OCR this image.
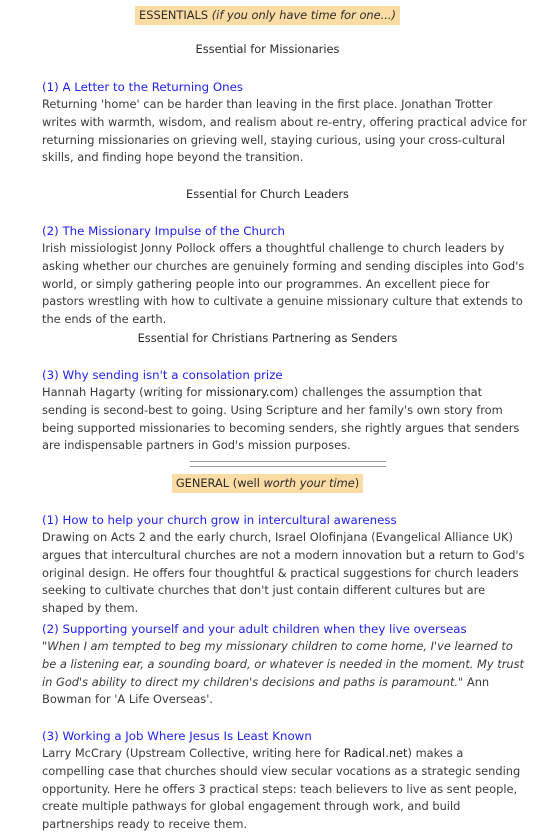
ESSENTIALS (if you only have time for one...)

Essential for Missionaries

(1) A Letter to the Returning Ones

Returning 'home' can be harder than leaving in the first place. Jonathan Trotter writes with warmth, wisdom, and realism about re-entry, offering practical advice for returning missionaries on grieving well, staying curious, using your cross-cultural skills, and finding hope beyond the transition.

Essential for Church Leaders

(2) The Missionary Impulse of the Church

Irish missiologist Jonny Pollock offers a thoughtful challenge to church leaders by asking whether our churches are genuinely forming and sending disciples into God's world, or simply gathering people into our programmes. An excellent piece for pastors wrestling with how to cultivate a genuine missionary culture that extends to the ends of the earth.

Essential for Christians Partnering as Senders

(3) Why sending isn't a consolation prize

Hannah Hagarty (writing for missionary.com) challenges the assumption that sending is second-best to going. Using Scripture and her family's own story from being supported missionaries to becoming senders, she rightly argues that senders are indispensable partners in God's mission purposes.

GENERAL (well worth your time)

(1) How to help your church grow in intercultural awareness

Drawing on Acts 2 and the early church, Israel Olofinjana (Evangelical Alliance UK) argues that intercultural churches are not a modern innovation but a return to God's original design. He offers four thoughtful & practical suggestions for church leaders seeking to cultivate churches that don't just contain different cultures but are shaped by them.

(2) Supporting yourself and your adult children when they live overseas

"When I am tempted to beg my missionary children to come home, I've learned to be a listening ear, a sounding board, or whatever is needed in the moment. My trust in God's ability to direct my children's decisions and paths is paramount." Ann Bowman for 'A Life Overseas'.

(3) Working a Job Where Jesus Is Least Known

Larry McCrary (Upstream Collective, writing here for Radical.net) makes a compelling case that churches should view secular vocations as a strategic sending opportunity. Here he offers 3 practical steps: teach believers to live as sent people, create multiple pathways for global engagement through work, and build partnerships ready to receive them.
